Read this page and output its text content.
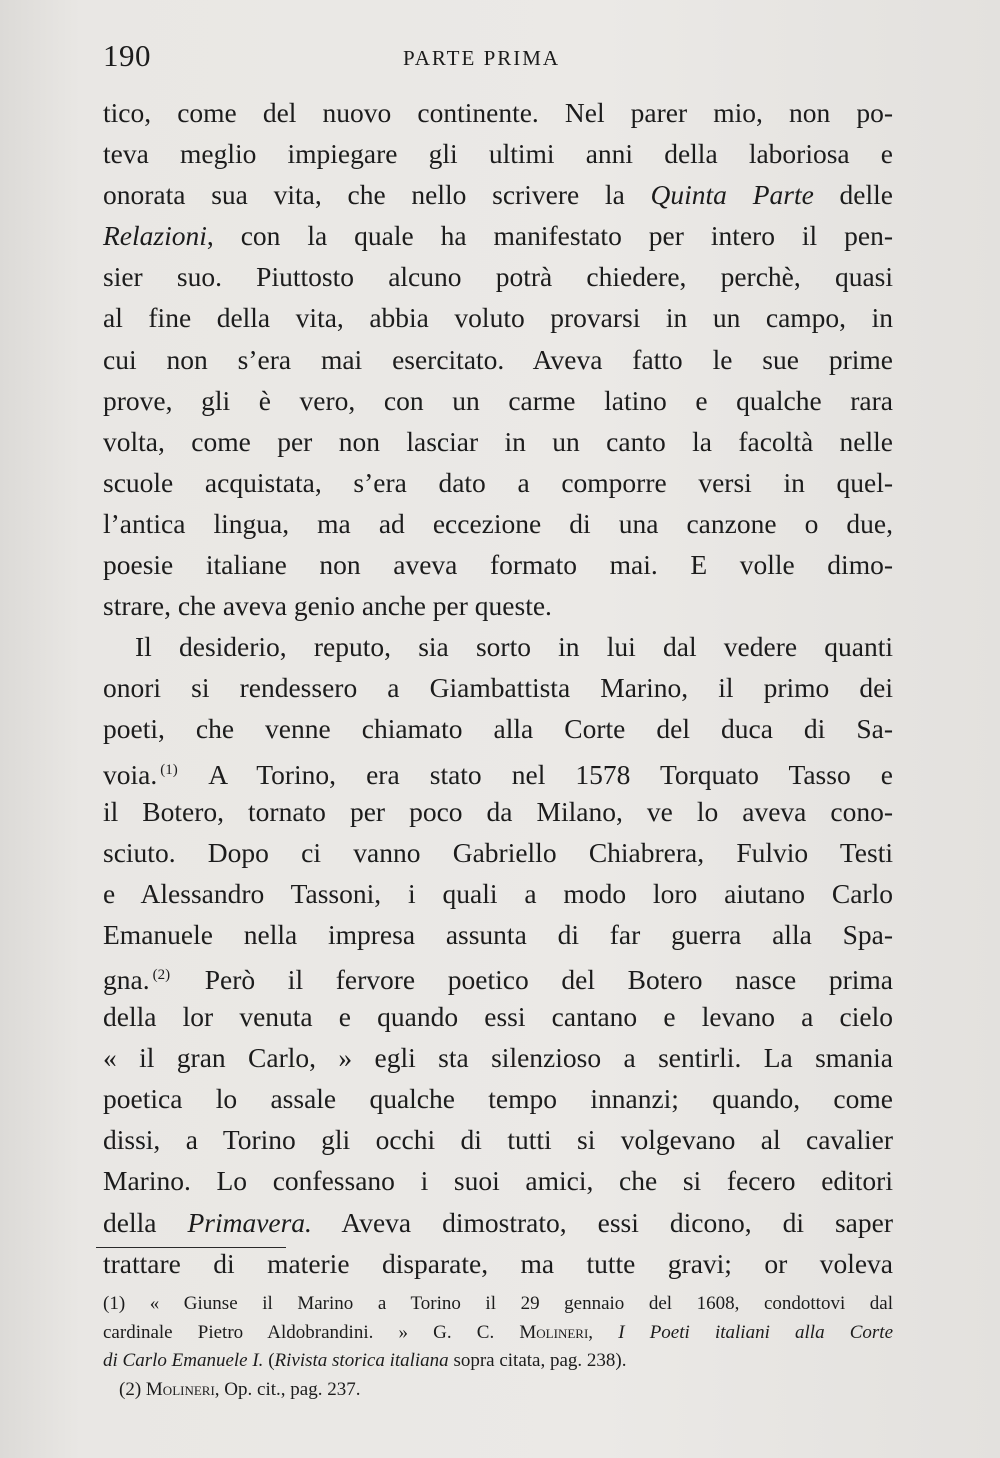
190	PARTE PRIMA
tico, come del nuovo continente. Nel parer mio, non po-
teva meglio impiegare gli ultimi anni della laboriosa e
onorata sua vita, che nello scrivere la Quinta Parte delle
Relazioni, con la quale ha manifestato per intero il pen-
sier suo. Piuttosto alcuno potrà chiedere, perchè, quasi
al fine della vita, abbia voluto provarsi in un campo, in
cui non s’era mai esercitato. Aveva fatto le sue prime
prove, gli è vero, con un carme latino e qualche rara
volta, come per non lasciar in un canto la facoltà nelle
scuole acquistata, s’era dato a comporre versi in quel-
l’antica lingua, ma ad eccezione di una canzone o due,
poesie italiane non aveva formato mai. E volle dimo-
strare, che aveva genio anche per queste.
Il desiderio, reputo, sia sorto in lui dal vedere quanti
onori si rendessero a Giambattista Marino, il primo dei
poeti, che venne chiamato alla Corte del duca di Sa-
voia. $^{(1)}$ A Torino, era stato nel 1578 Torquato Tasso e
il Botero, tornato per poco da Milano, ve lo aveva cono-
sciuto. Dopo ci vanno Gabriello Chiabrera, Fulvio Testi
e Alessandro Tassoni, i quali a modo loro aiutano Carlo
Emanuele nella impresa assunta di far guerra alla Spa-
gna. $^{(2)}$ Però il fervore poetico del Botero nasce prima
della lor venuta e quando essi cantano e levano a cielo
« il gran Carlo, » egli sta silenzioso a sentirli. La smania
poetica lo assale qualche tempo innanzi; quando, come
dissi, a Torino gli occhi di tutti si volgevano al cavalier
Marino. Lo confessano i suoi amici, che si fecero editori
della Primavera. Aveva dimostrato, essi dicono, di saper
trattare di materie disparate, ma tutte gravi; or voleva
(1) « Giunse il Marino a Torino il 29 gennaio del 1608, condottovi dal
cardinale Pietro Aldobrandini. » G. C. Molineri, I Poeti italiani alla Corte
di Carlo Emanuele I. (Rivista storica italiana sopra citata, pag. 238).
(2) Molineri, Op. cit., pag. 237.
